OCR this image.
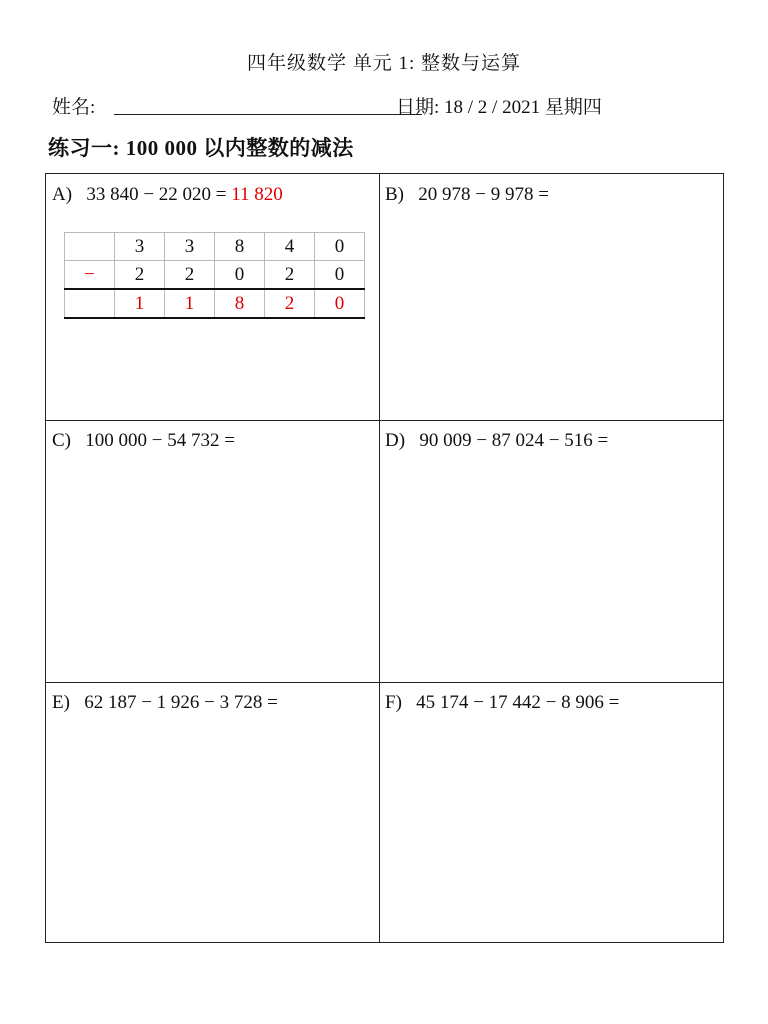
四年级数学 单元 1: 整数与运算
姓名:	日期: 18 / 2 / 2021 星期四
练习一: 100 000 以内整数的减法
A) 33 840 − 22 020 = 11 820
	3	3	8	4	0
−	2	2	0	2	0
	1	1	8	2	0
B) 20 978 − 9 978 =
C) 100 000 − 54 732 =	D) 90 009 − 87 024 − 516 =
E) 62 187 − 1 926 − 3 728 =	F) 45 174 − 17 442 − 8 906 =
